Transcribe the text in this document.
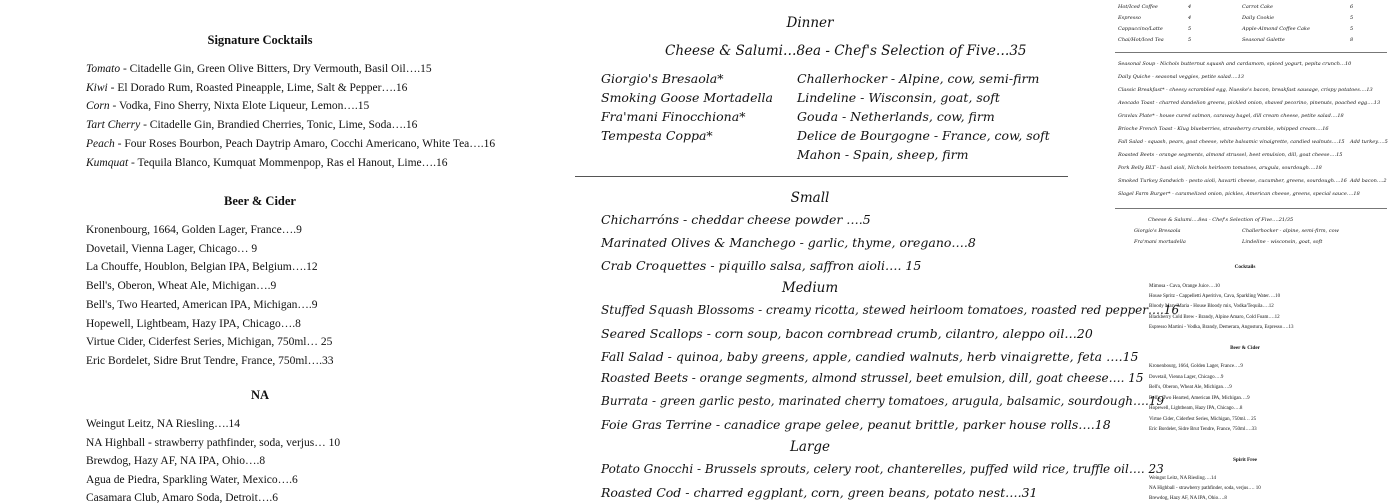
Signature Cocktails
Tomato - Citadelle Gin, Green Olive Bitters, Dry Vermouth, Basil Oil….15
Kiwi - El Dorado Rum, Roasted Pineapple, Lime, Salt & Pepper….16
Corn - Vodka, Fino Sherry, Nixta Elote Liqueur, Lemon….15
Tart Cherry - Citadelle Gin, Brandied Cherries, Tonic, Lime, Soda….16
Peach - Four Roses Bourbon, Peach Daytrip Amaro, Cocchi Americano, White Tea….16
Kumquat - Tequila Blanco, Kumquat Mommenpop, Ras el Hanout, Lime….16
Beer & Cider
Kronenbourg, 1664, Golden Lager, France….9
Dovetail, Vienna Lager, Chicago… 9
La Chouffe, Houblon, Belgian IPA, Belgium….12
Bell's, Oberon, Wheat Ale, Michigan….9
Bell's, Two Hearted, American IPA, Michigan….9
Hopewell, Lightbeam, Hazy IPA, Chicago….8
Virtue Cider, Ciderfest Series, Michigan, 750ml… 25
Eric Bordelet, Sidre Brut Tendre, France, 750ml….33
NA
Weingut Leitz, NA Riesling….14
NA Highball - strawberry pathfinder, soda, verjus… 10
Brewdog, Hazy AF, NA IPA, Ohio….8
Agua de Piedra, Sparkling Water, Mexico….6
Casamara Club, Amaro Soda, Detroit….6
Dinner
Cheese & Salumi…8ea - Chef's Selection of Five…35
Giorgio's Bresaola*
Smoking Goose Mortadella
Fra'mani Finocchiona*
Tempesta Coppa*
Challerhocker - Alpine, cow, semi-firm
Lindeline - Wisconsin, goat, soft
Gouda - Netherlands, cow, firm
Delice de Bourgogne - France, cow, soft
Mahon - Spain, sheep, firm
Small
Chicharróns - cheddar cheese powder ….5
Marinated Olives & Manchego - garlic, thyme, oregano….8
Crab Croquettes - piquillo salsa, saffron aioli…. 15
Medium
Stuffed Squash Blossoms - creamy ricotta, stewed heirloom tomatoes, roasted red pepper….16
Seared Scallops - corn soup, bacon cornbread crumb, cilantro, aleppo oil…20
Fall Salad - quinoa, baby greens, apple, candied walnuts, herb vinaigrette, feta ….15
Roasted Beets - orange segments, almond strussel, beet emulsion, dill, goat cheese…. 15
Burrata - green garlic pesto, marinated cherry tomatoes, arugula, balsamic, sourdough….19
Foie Gras Terrine - canadice grape gelee, peanut brittle, parker house rolls….18
Large
Potato Gnocchi - Brussels sprouts, celery root, chanterelles, puffed wild rice, truffle oil…. 23
Roasted Cod - charred eggplant, corn, green beans, potato nest….31
Hot/Iced Coffee
Espresso
Cappuccino/Latte
Chai/Hot/Iced Tea
4
4
5
5
Carrot Cake
Daily Cookie
Apple-Almond Coffee Cake
Seasonal Galette
6
5
5
8
Seasonal Soup - Nichols butternut squash and cardamom, spiced yogurt, pepita crunch…10
Daily Quiche - seasonal veggies, petite salad….13
Classic Breakfast* - cheesy scrambled egg, Nueske's bacon, breakfast sausage, crispy potatoes….13
Avocado Toast - charred dandelion greens, pickled onion, shaved pecorino, pinenuts, poached egg….13
Gravlax Plate* - house cured salmon, caraway bagel, dill cream cheese, petite salad….18
Brioche French Toast - Klug blueberries, strawberry crumble, whipped cream….16
Fall Salad - squash, pears, goat cheese, white balsamic vinaigrette, candied walnuts….15
Roasted Beets - orange segments, almond strussel, beet emulsion, dill, goat cheese….15
Pork Belly BLT - basil aioli, Nichols heirloom tomatoes, arugula, sourdough….18
Smoked Turkey Sandwich - pesto aioli, havarti cheese, cucumber, greens, sourdough….16
Slagel Farm Burger* - caramelized onion, pickles, American cheese, greens, special sauce….18
Add turkey….5
Add bacon….2
Cheese & Salumi….8ea - Chef's Selection of Five….21/35
Giorgio's Bresaola
Fra'mani mortadella
Challerhocker - alpine, semi-firm, cow
Lindeline - wisconsin, goat, soft
Cocktails
Mimosa - Cava, Orange Juice….10
House Spritz - Cappelletti Aperitivo, Cava, Sparkling Water….10
Bloody Mary/Maria - House Bloody mix, Vodka/Tequila….12
Blackberry Cold Brew - Brandy, Alpine Amaro, Cold Foam….12
Espresso Martini - Vodka, Brandy, Demerara, Angostura, Espresso….13
Beer & Cider
Kronenbourg, 1664, Golden Lager, France….9
Dovetail, Vienna Lager, Chicago….9
Bell's, Oberon, Wheat Ale, Michigan….9
Bell's, Two Hearted, American IPA, Michigan….9
Hopewell, Lightbeam, Hazy IPA, Chicago….8
Virtue Cider, Ciderfest Series, Michigan, 750ml… 25
Eric Bordelet, Sidre Brut Tendre, France, 750ml….33
Spirit Free
Weingut Leitz, NA Riesling….14
NA Highball - strawberry pathfinder, soda, verjus…. 10
Brewdog, Hazy AF, NA IPA, Ohio….8
